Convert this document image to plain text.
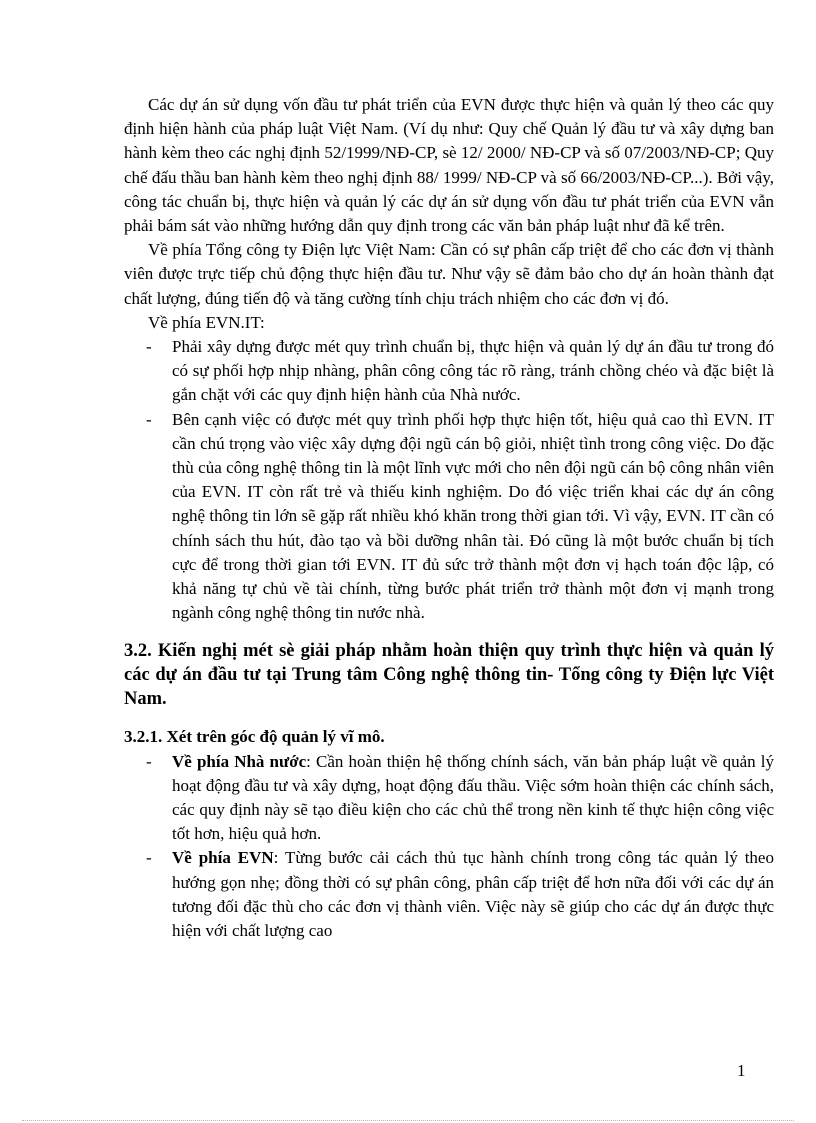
Các dự án sử dụng vốn đầu tư phát triển của EVN được thực hiện và quản lý theo các quy định hiện hành của pháp luật Việt Nam. (Ví dụ như: Quy chế Quản lý đầu tư và xây dựng ban hành kèm theo các nghị định 52/1999/NĐ-CP, sè 12/ 2000/ NĐ-CP và số 07/2003/NĐ-CP; Quy chế đấu thầu ban hành kèm theo nghị định 88/ 1999/ NĐ-CP và số 66/2003/NĐ-CP...). Bởi vậy, công tác chuẩn bị, thực hiện và quản lý các dự án sử dụng vốn đầu tư phát triển của EVN vẫn phải bám sát vào những hướng dẫn quy định trong các văn bản pháp luật như đã kể trên.

Về phía Tổng công ty Điện lực Việt Nam: Cần có sự phân cấp triệt để cho các đơn vị thành viên được trực tiếp chủ động thực hiện đầu tư. Như vậy sẽ đảm bảo cho dự án hoàn thành đạt chất lượng, đúng tiến độ và tăng cường tính chịu trách nhiệm cho các đơn vị đó.

Về phía EVN.IT:

- Phải xây dựng được mét quy trình chuẩn bị, thực hiện và quản lý dự án đầu tư trong đó có sự phối hợp nhịp nhàng, phân công công tác rõ ràng, tránh chồng chéo và đặc biệt là gắn chặt với các quy định hiện hành của Nhà nước.
- Bên cạnh việc có được mét quy trình phối hợp thực hiện tốt, hiệu quả cao thì EVN. IT cần chú trọng vào việc xây dựng đội ngũ cán bộ giỏi, nhiệt tình trong công việc. Do đặc thù của công nghệ thông tin là một lĩnh vực mới cho nên đội ngũ cán bộ công nhân viên của EVN. IT còn rất trẻ và thiếu kinh nghiệm. Do đó việc triển khai các dự án công nghệ thông tin lớn sẽ gặp rất nhiều khó khăn trong thời gian tới. Vì vậy, EVN. IT cần có chính sách thu hút, đào tạo và bồi dưỡng nhân tài. Đó cũng là một bước chuẩn bị tích cực để trong thời gian tới EVN. IT đủ sức trở thành một đơn vị hạch toán độc lập, có khả năng tự chủ về tài chính, từng bước phát triển trở thành một đơn vị mạnh trong ngành công nghệ thông tin nước nhà.
3.2. Kiến nghị mét sè giải pháp nhằm hoàn thiện quy trình thực hiện và quản lý các dự án đầu tư tại Trung tâm Công nghệ thông tin- Tổng công ty Điện lực Việt Nam.
3.2.1. Xét trên góc độ quản lý vĩ mô.
- Về phía Nhà nước: Cần hoàn thiện hệ thống chính sách, văn bản pháp luật về quản lý hoạt động đầu tư và xây dựng, hoạt động đấu thầu. Việc sớm hoàn thiện các chính sách, các quy định này sẽ tạo điều kiện cho các chủ thể trong nền kinh tế thực hiện công việc tốt hơn, hiệu quả hơn.
- Về phía EVN: Từng bước cải cách thủ tục hành chính trong công tác quản lý theo hướng gọn nhẹ; đồng thời có sự phân công, phân cấp triệt để hơn nữa đối với các dự án tương đối đặc thù cho các đơn vị thành viên. Việc này sẽ giúp cho các dự án được thực hiện với chất lượng cao
1
